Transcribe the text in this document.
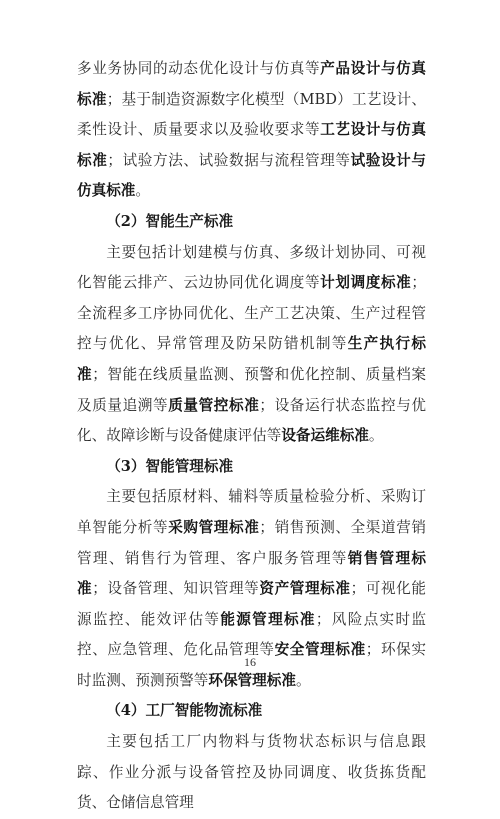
多业务协同的动态优化设计与仿真等产品设计与仿真标准；基于制造资源数字化模型（MBD）工艺设计、柔性设计、质量要求以及验收要求等工艺设计与仿真标准；试验方法、试验数据与流程管理等试验设计与仿真标准。

（2）智能生产标准

主要包括计划建模与仿真、多级计划协同、可视化智能云排产、云边协同优化调度等计划调度标准；全流程多工序协同优化、生产工艺决策、生产过程管控与优化、异常管理及防呆防错机制等生产执行标准；智能在线质量监测、预警和优化控制、质量档案及质量追溯等质量管控标准；设备运行状态监控与优化、故障诊断与设备健康评估等设备运维标准。

（3）智能管理标准

主要包括原材料、辅料等质量检验分析、采购订单智能分析等采购管理标准；销售预测、全渠道营销管理、销售行为管理、客户服务管理等销售管理标准；设备管理、知识管理等资产管理标准；可视化能源监控、能效评估等能源管理标准；风险点实时监控、应急管理、危化品管理等安全管理标准；环保实时监测、预测预警等环保管理标准。

（4）工厂智能物流标准

主要包括工厂内物料与货物状态标识与信息跟踪、作业分派与设备管控及协同调度、收货拣货配货、仓储信息管理

16
